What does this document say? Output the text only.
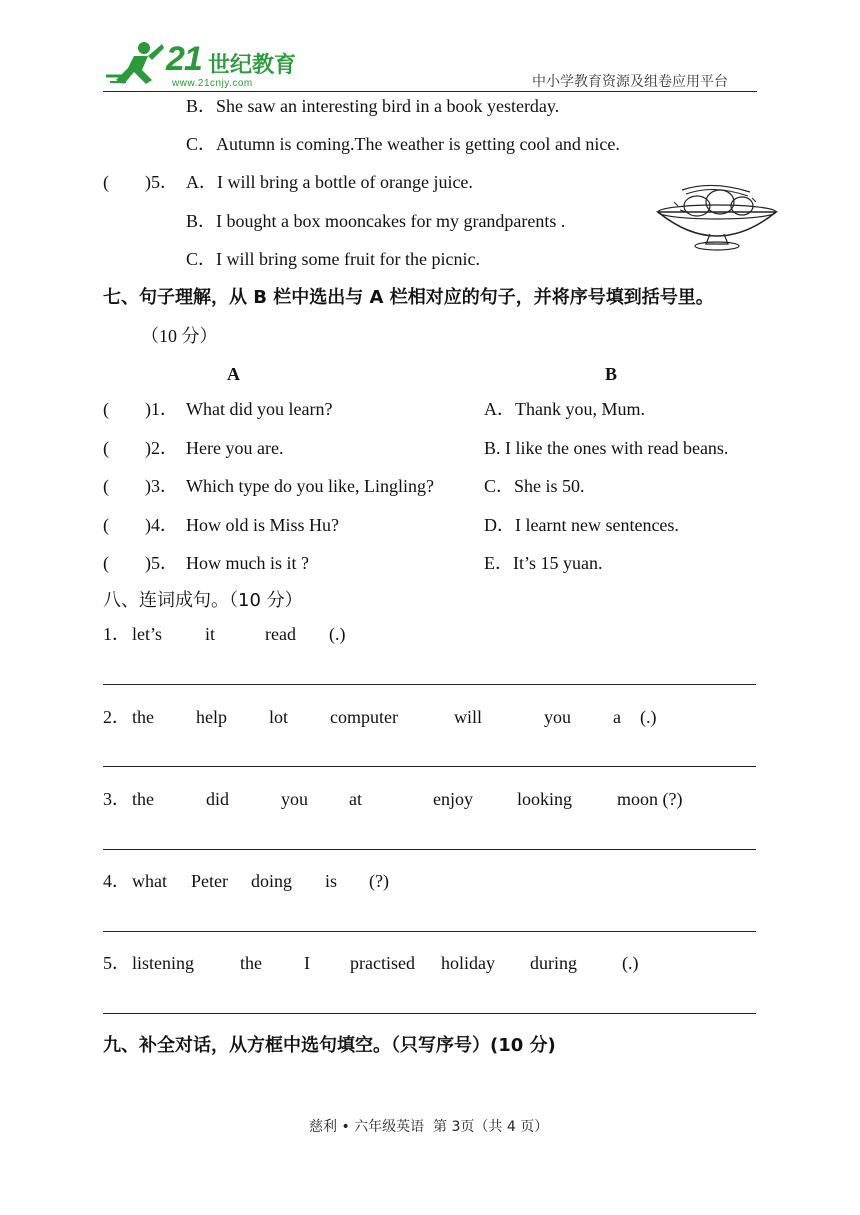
21 世纪教育
www.21cnjy.com	中小学教育资源及组卷应用平台
B．She saw an interesting bird in a book yesterday.
C．Autumn is coming.The weather is getting cool and nice.
(        )5． A．I will bring a bottle of orange juice.
B．I bought a box mooncakes for my grandparents .
C．I will bring some fruit for the picnic.
七、句子理解，从 B 栏中选出与 A 栏相对应的句子，并将序号填到括号里。
（10 分）
A	B
(        )1． What did you learn?	A．Thank you, Mum.
(        )2． Here you are.	B. I like the ones with read beans.
(        )3． Which type do you like, Lingling?	C．She is 50.
(        )4． How old is Miss Hu?	D．I learnt new sentences.
(        )5． How much is it ?	E．It’s 15 yuan.
八、连词成句。（10 分）
1． let’s it	read (.)
2． the help lot computer	will	you a (.)
3． the	did	you at	enjoy looking moon (?)
4． what Peter doing is (?)
5． listening	the I practised holiday during	(.)
九、补全对话，从方框中选句填空。（只写序号）(10 分)
慈利 • 六年级英语  第 3页（共 4 页）
